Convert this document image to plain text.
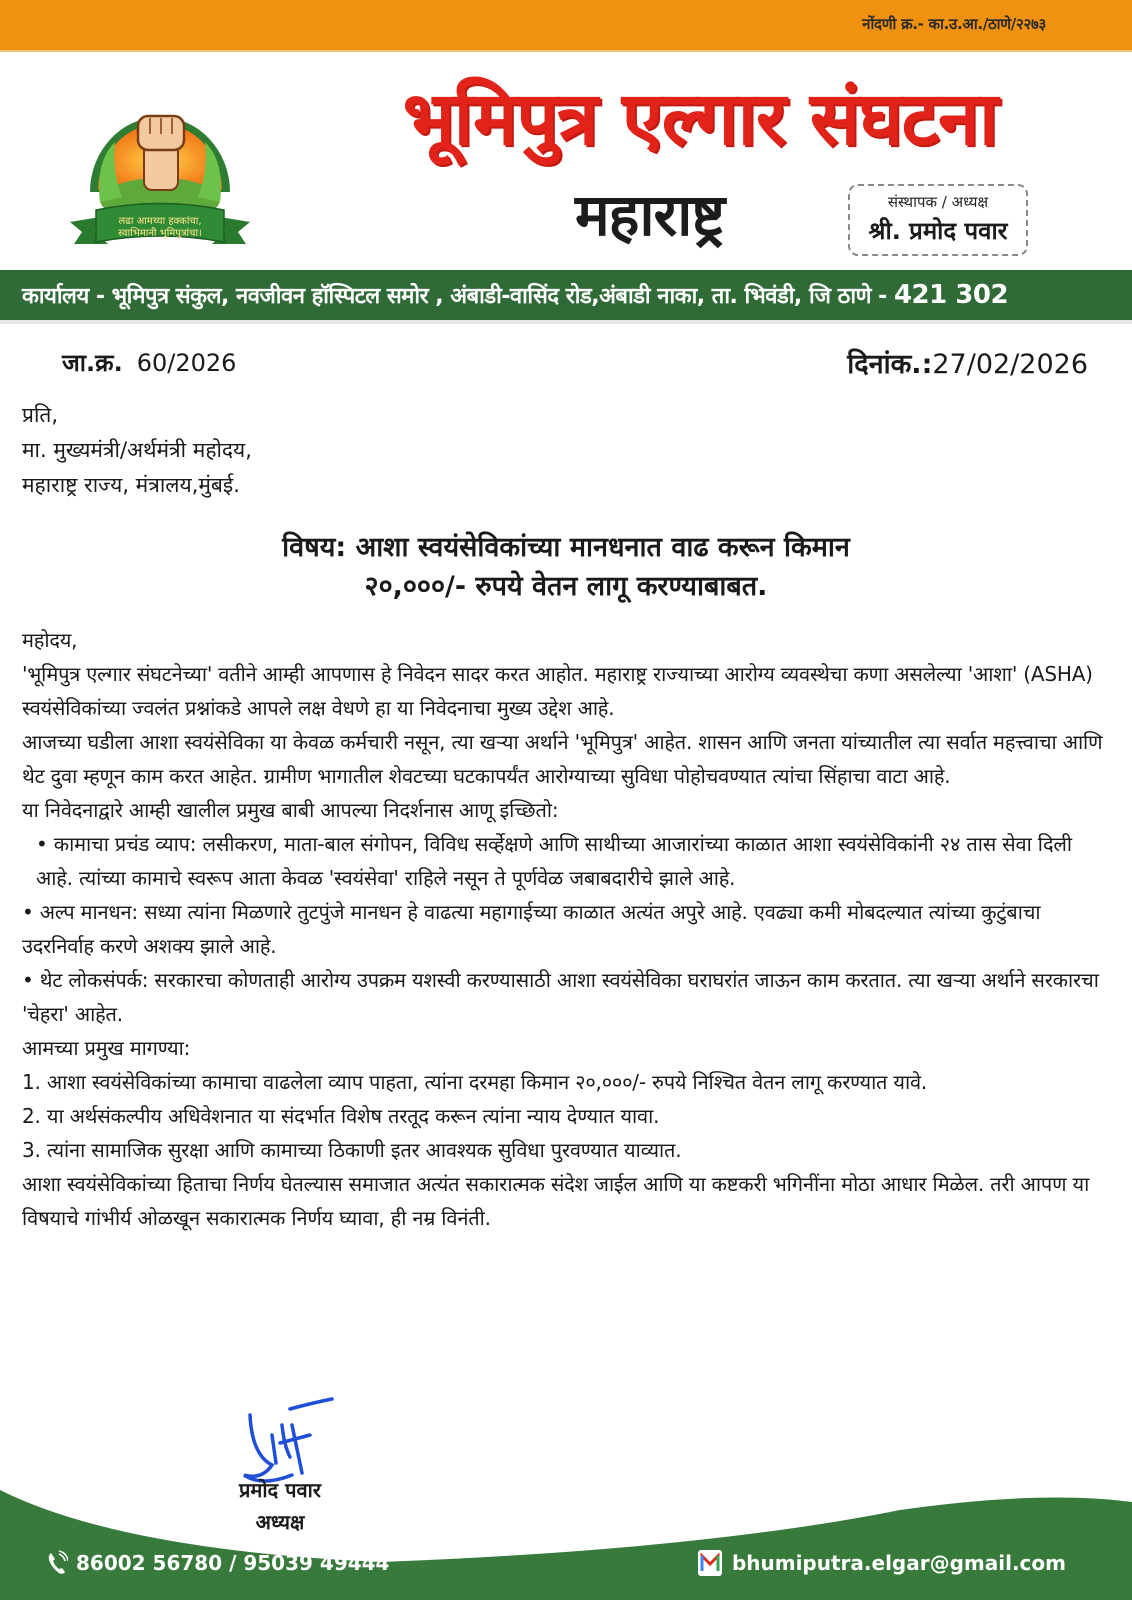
नोंदणी क्र.- का.उ.आ./ठाणे/२२७३
लढा आमच्या हक्कांचा,
स्वाभिमानी भूमिपुत्रांचा।
भूमिपुत्र एल्गार संघटना
महाराष्ट्र	संस्थापक / अध्यक्ष
श्री. प्रमोद पवार
कार्यालय - भूमिपुत्र संकुल, नवजीवन हॉस्पिटल समोर , अंबाडी-वासिंद रोड,अंबाडी नाका, ता. भिवंडी, जि ठाणे - 421 302
जा.क्र. 60/2026	दिनांक.:27/02/2026
प्रति,
मा. मुख्यमंत्री/अर्थमंत्री महोदय,
महाराष्ट्र राज्य, मंत्रालय,मुंबई.
विषय: आशा स्वयंसेविकांच्या मानधनात वाढ करून किमान
२०,०००/- रुपये वेतन लागू करण्याबाबत.

महोदय,

'भूमिपुत्र एल्गार संघटनेच्या' वतीने आम्ही आपणास हे निवेदन सादर करत आहोत. महाराष्ट्र राज्याच्या आरोग्य व्यवस्थेचा कणा असलेल्या 'आशा' (ASHA) स्वयंसेविकांच्या ज्वलंत प्रश्नांकडे आपले लक्ष वेधणे हा या निवेदनाचा मुख्य उद्देश आहे.

आजच्या घडीला आशा स्वयंसेविका या केवळ कर्मचारी नसून, त्या खऱ्या अर्थाने 'भूमिपुत्र' आहेत. शासन आणि जनता यांच्यातील त्या सर्वात महत्त्वाचा आणि थेट दुवा म्हणून काम करत आहेत. ग्रामीण भागातील शेवटच्या घटकापर्यंत आरोग्याच्या सुविधा पोहोचवण्यात त्यांचा सिंहाचा वाटा आहे.

या निवेदनाद्वारे आम्ही खालील प्रमुख बाबी आपल्या निदर्शनास आणू इच्छितो:

• कामाचा प्रचंड व्याप: लसीकरण, माता-बाल संगोपन, विविध सर्व्हेक्षणे आणि साथीच्या आजारांच्या काळात आशा स्वयंसेविकांनी २४ तास सेवा दिली आहे. त्यांच्या कामाचे स्वरूप आता केवळ 'स्वयंसेवा' राहिले नसून ते पूर्णवेळ जबाबदारीचे झाले आहे.

• अल्प मानधन: सध्या त्यांना मिळणारे तुटपुंजे मानधन हे वाढत्या महागाईच्या काळात अत्यंत अपुरे आहे. एवढ्या कमी मोबदल्यात त्यांच्या कुटुंबाचा उदरनिर्वाह करणे अशक्य झाले आहे.

• थेट लोकसंपर्क: सरकारचा कोणताही आरोग्य उपक्रम यशस्वी करण्यासाठी आशा स्वयंसेविका घराघरांत जाऊन काम करतात. त्या खऱ्या अर्थाने सरकारचा 'चेहरा' आहेत.

आमच्या प्रमुख मागण्या:

1. आशा स्वयंसेविकांच्या कामाचा वाढलेला व्याप पाहता, त्यांना दरमहा किमान २०,०००/- रुपये निश्चित वेतन लागू करण्यात यावे.

2. या अर्थसंकल्पीय अधिवेशनात या संदर्भात विशेष तरतूद करून त्यांना न्याय देण्यात यावा.

3. त्यांना सामाजिक सुरक्षा आणि कामाच्या ठिकाणी इतर आवश्यक सुविधा पुरवण्यात याव्यात.

आशा स्वयंसेविकांच्या हिताचा निर्णय घेतल्यास समाजात अत्यंत सकारात्मक संदेश जाईल आणि या कष्टकरी भगिनींना मोठा आधार मिळेल. तरी आपण या विषयाचे गांभीर्य ओळखून सकारात्मक निर्णय घ्यावा, ही नम्र विनंती.

प्रमोद पवार
अध्यक्ष
86002 56780 / 95039 49444	bhumiputra.elgar@gmail.com
